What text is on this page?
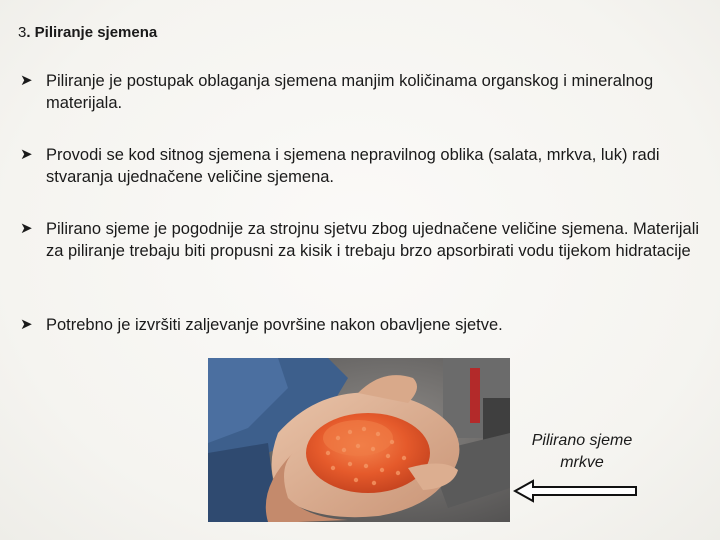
3. Piliranje sjemena
➤ Piliranje je postupak oblaganja sjemena manjim količinama organskog i mineralnog materijala.
➤ Provodi se kod sitnog sjemena i sjemena nepravilnog oblika (salata, mrkva, luk) radi stvaranja ujednačene veličine sjemena.
➤ Pilirano sjeme je pogodnije za strojnu sjetvu zbog ujednačene veličine sjemena. Materijali za piliranje trebaju biti propusni za kisik i trebaju brzo apsorbirati vodu tijekom hidratacije
➤ Potrebno je izvršiti zaljevanje površine nakon obavljene sjetve.
Pilirano sjeme
mrkve
